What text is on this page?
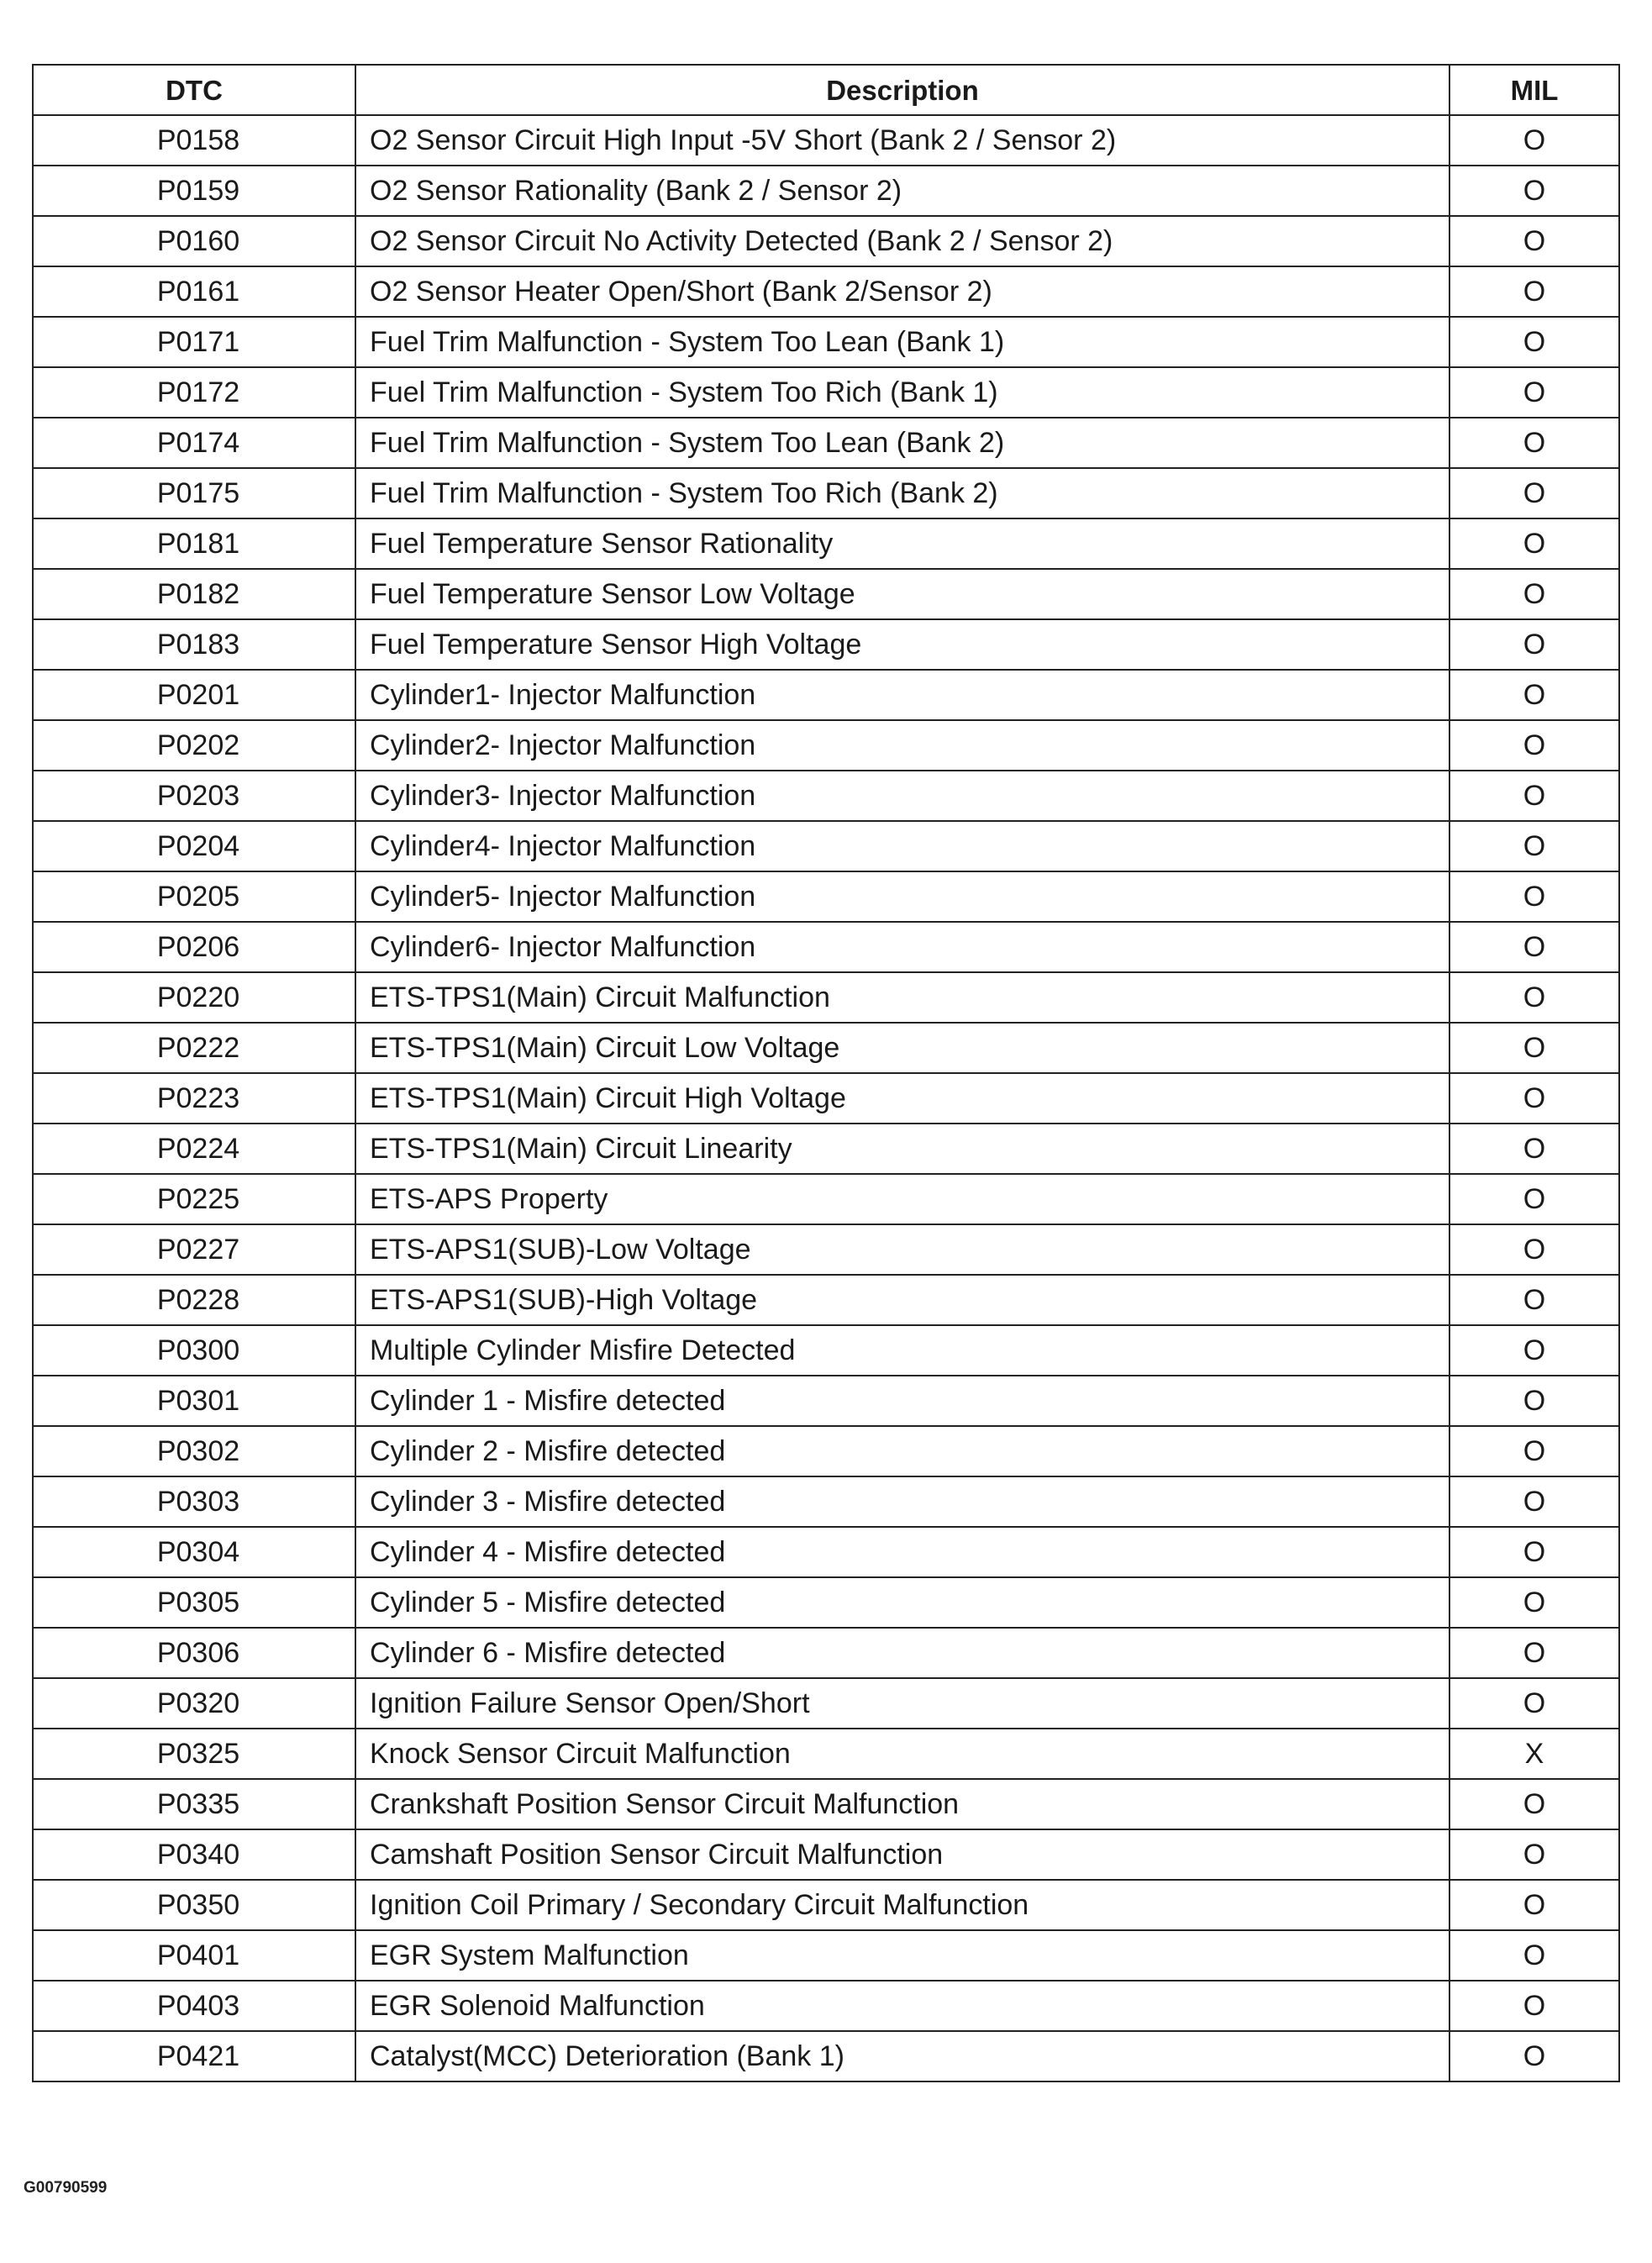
DTC	Description	MIL
P0158	O2 Sensor Circuit High Input -5V Short (Bank 2 / Sensor 2)	O
P0159	O2 Sensor Rationality (Bank 2 / Sensor 2)	O
P0160	O2 Sensor Circuit No Activity Detected (Bank 2 / Sensor 2)	O
P0161	O2 Sensor Heater Open/Short (Bank 2/Sensor 2)	O
P0171	Fuel Trim Malfunction - System Too Lean (Bank 1)	O
P0172	Fuel Trim Malfunction - System Too Rich (Bank 1)	O
P0174	Fuel Trim Malfunction - System Too Lean (Bank 2)	O
P0175	Fuel Trim Malfunction - System Too Rich (Bank 2)	O
P0181	Fuel Temperature Sensor Rationality	O
P0182	Fuel Temperature Sensor Low Voltage	O
P0183	Fuel Temperature Sensor High Voltage	O
P0201	Cylinder1- Injector Malfunction	O
P0202	Cylinder2- Injector Malfunction	O
P0203	Cylinder3- Injector Malfunction	O
P0204	Cylinder4- Injector Malfunction	O
P0205	Cylinder5- Injector Malfunction	O
P0206	Cylinder6- Injector Malfunction	O
P0220	ETS-TPS1(Main) Circuit Malfunction	O
P0222	ETS-TPS1(Main) Circuit Low Voltage	O
P0223	ETS-TPS1(Main) Circuit High Voltage	O
P0224	ETS-TPS1(Main) Circuit Linearity	O
P0225	ETS-APS Property	O
P0227	ETS-APS1(SUB)-Low Voltage	O
P0228	ETS-APS1(SUB)-High Voltage	O
P0300	Multiple Cylinder Misfire Detected	O
P0301	Cylinder 1 - Misfire detected	O
P0302	Cylinder 2 - Misfire detected	O
P0303	Cylinder 3 - Misfire detected	O
P0304	Cylinder 4 - Misfire detected	O
P0305	Cylinder 5 - Misfire detected	O
P0306	Cylinder 6 - Misfire detected	O
P0320	Ignition Failure Sensor Open/Short	O
P0325	Knock Sensor Circuit Malfunction	X
P0335	Crankshaft Position Sensor Circuit Malfunction	O
P0340	Camshaft Position Sensor Circuit Malfunction	O
P0350	Ignition Coil Primary / Secondary Circuit Malfunction	O
P0401	EGR System Malfunction	O
P0403	EGR Solenoid Malfunction	O
P0421	Catalyst(MCC) Deterioration (Bank 1)	O
G00790599
